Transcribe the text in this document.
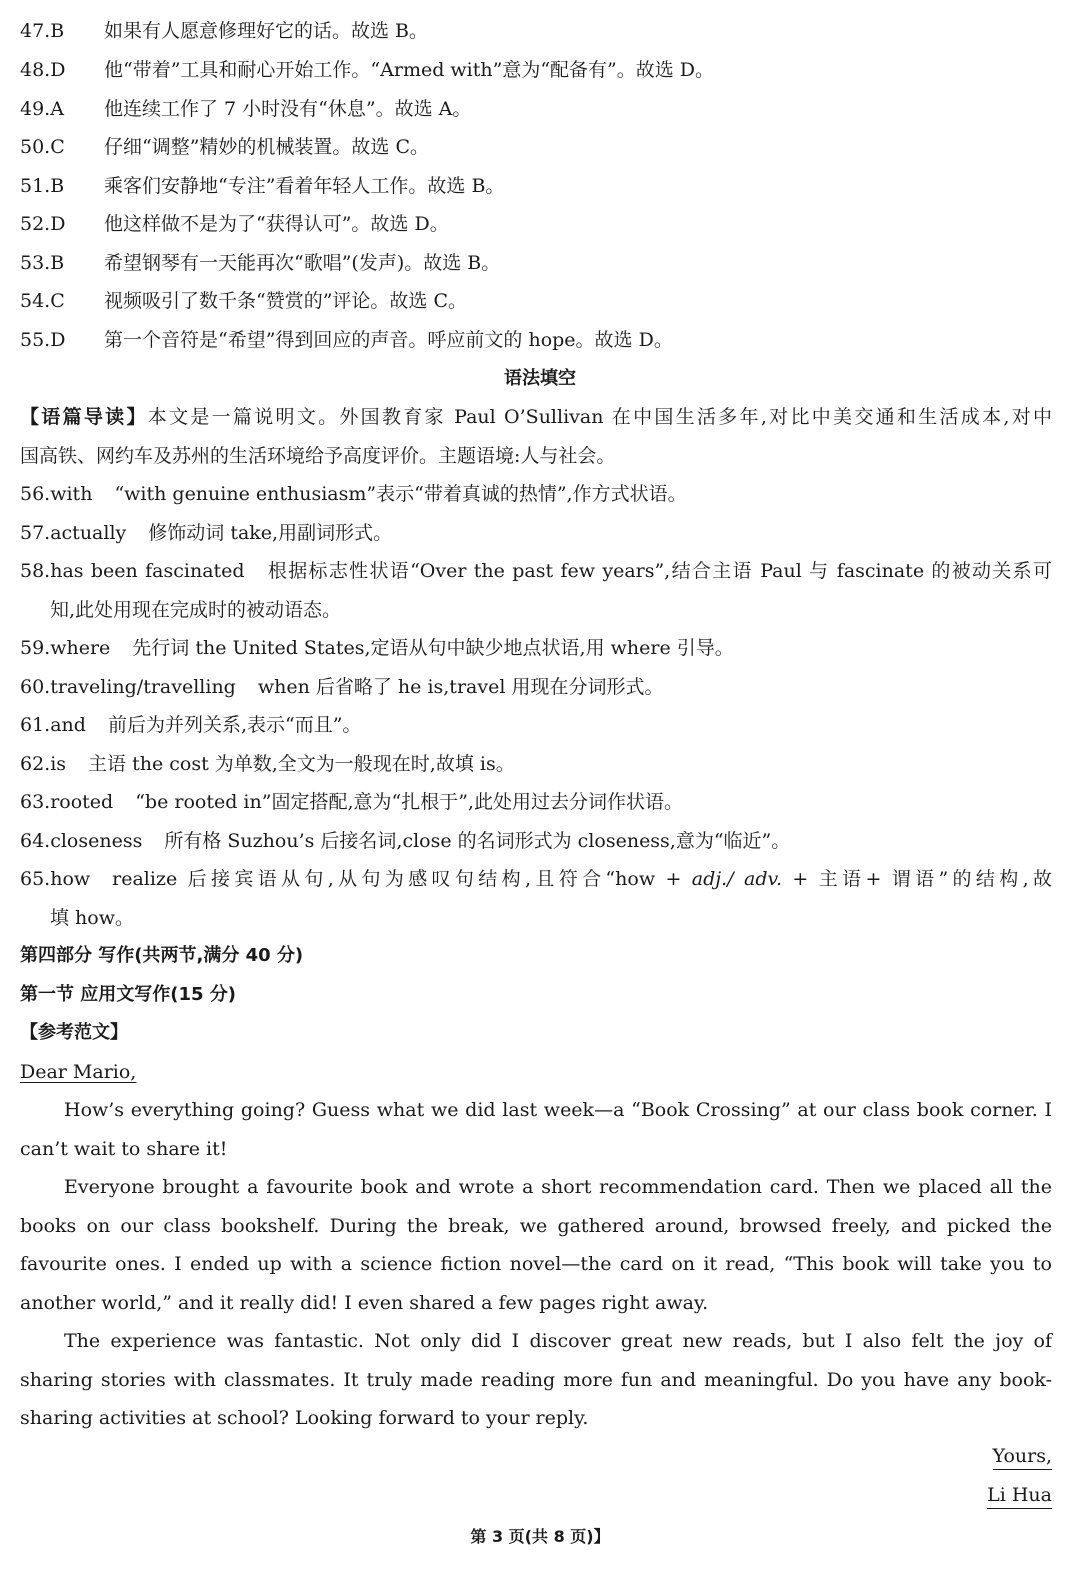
47.B 如果有人愿意修理好它的话。故选 B。
48.D 他“带着”工具和耐心开始工作。“Armed with”意为“配备有”。故选 D。
49.A 他连续工作了 7 小时没有“休息”。故选 A。
50.C 仔细“调整”精妙的机械装置。故选 C。
51.B 乘客们安静地“专注”看着年轻人工作。故选 B。
52.D 他这样做不是为了“获得认可”。故选 D。
53.B 希望钢琴有一天能再次“歌唱”(发声)。故选 B。
54.C 视频吸引了数千条“赞赏的”评论。故选 C。
55.D 第一个音符是“希望”得到回应的声音。呼应前文的 hope。故选 D。
语法填空
【语篇导读】本文是一篇说明文。外国教育家 Paul O’Sullivan 在中国生活多年,对比中美交通和生活成本,对中
国高铁、网约车及苏州的生活环境给予高度评价。主题语境:人与社会。
56.with “with genuine enthusiasm”表示“带着真诚的热情”,作方式状语。
57.actually 修饰动词 take,用副词形式。
58.has been fascinated 根据标志性状语“Over the past few years”,结合主语 Paul 与 fascinate 的被动关系可
知,此处用现在完成时的被动语态。
59.where 先行词 the United States,定语从句中缺少地点状语,用 where 引导。
60.traveling/travelling when 后省略了 he is,travel 用现在分词形式。
61.and 前后为并列关系,表示“而且”。
62.is 主语 the cost 为单数,全文为一般现在时,故填 is。
63.rooted “be rooted in”固定搭配,意为“扎根于”,此处用过去分词作状语。
64.closeness 所有格 Suzhou’s 后接名词,close 的名词形式为 closeness,意为“临近”。
65.how realize 后接宾语从句,从句为感叹句结构,且符合“how + adj./ adv. + 主语+ 谓语”的结构,故
填 how。
第四部分 写作(共两节,满分 40 分)
第一节 应用文写作(15 分)
【参考范文】
Dear Mario,
How’s everything going? Guess what we did last week—a “Book Crossing” at our class book corner. I can’t wait to share it!
Everyone brought a favourite book and wrote a short recommendation card. Then we placed all the books on our class bookshelf. During the break, we gathered around, browsed freely, and picked the favourite ones. I ended up with a science fiction novel—the card on it read, “This book will take you to another world,” and it really did! I even shared a few pages right away.
The experience was fantastic. Not only did I discover great new reads, but I also felt the joy of sharing stories with classmates. It truly made reading more fun and meaningful. Do you have any book-sharing activities at school? Looking forward to your reply.
Yours,
Li Hua
第 3 页(共 8 页)】
